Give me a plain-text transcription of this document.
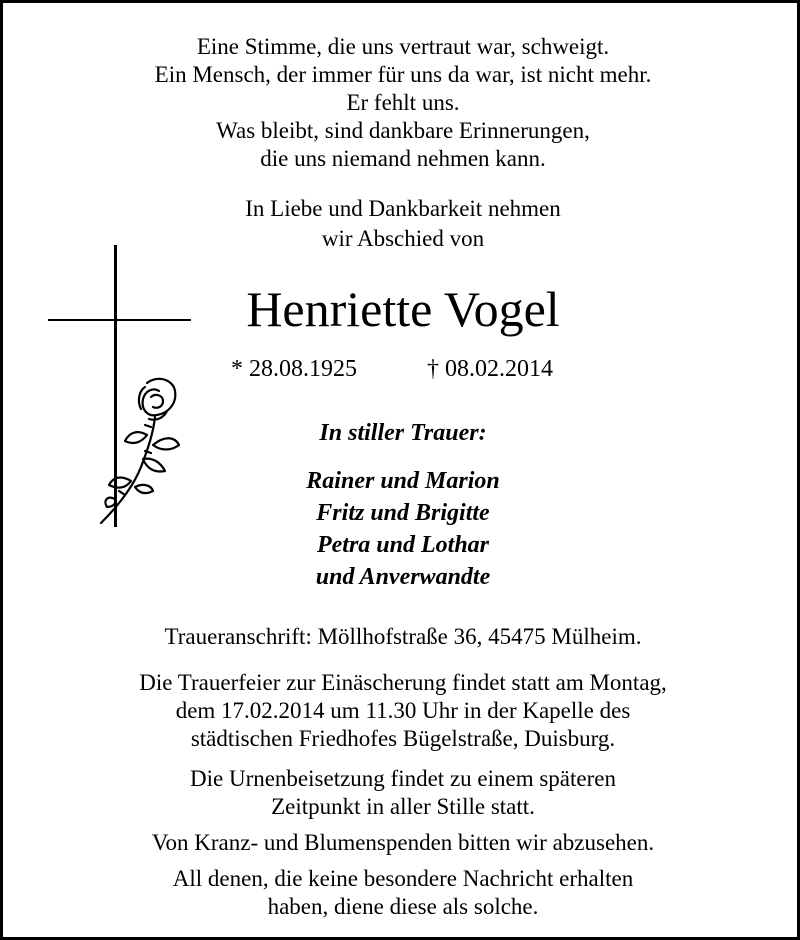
Eine Stimme, die uns vertraut war, schweigt.
Ein Mensch, der immer für uns da war, ist nicht mehr.
Er fehlt uns.
Was bleibt, sind dankbare Erinnerungen,
die uns niemand nehmen kann.
In Liebe und Dankbarkeit nehmen
wir Abschied von
Henriette Vogel
* 28.08.1925	† 08.02.2014
In stiller Trauer:
Rainer und Marion
Fritz und Brigitte
Petra und Lothar
und Anverwandte
Traueranschrift: Möllhofstraße 36, 45475 Mülheim.
Die Trauerfeier zur Einäscherung findet statt am Montag,
dem 17.02.2014 um 11.30 Uhr in der Kapelle des
städtischen Friedhofes Bügelstraße, Duisburg.
Die Urnenbeisetzung findet zu einem späteren
Zeitpunkt in aller Stille statt.
Von Kranz- und Blumenspenden bitten wir abzusehen.
All denen, die keine besondere Nachricht erhalten
haben, diene diese als solche.
